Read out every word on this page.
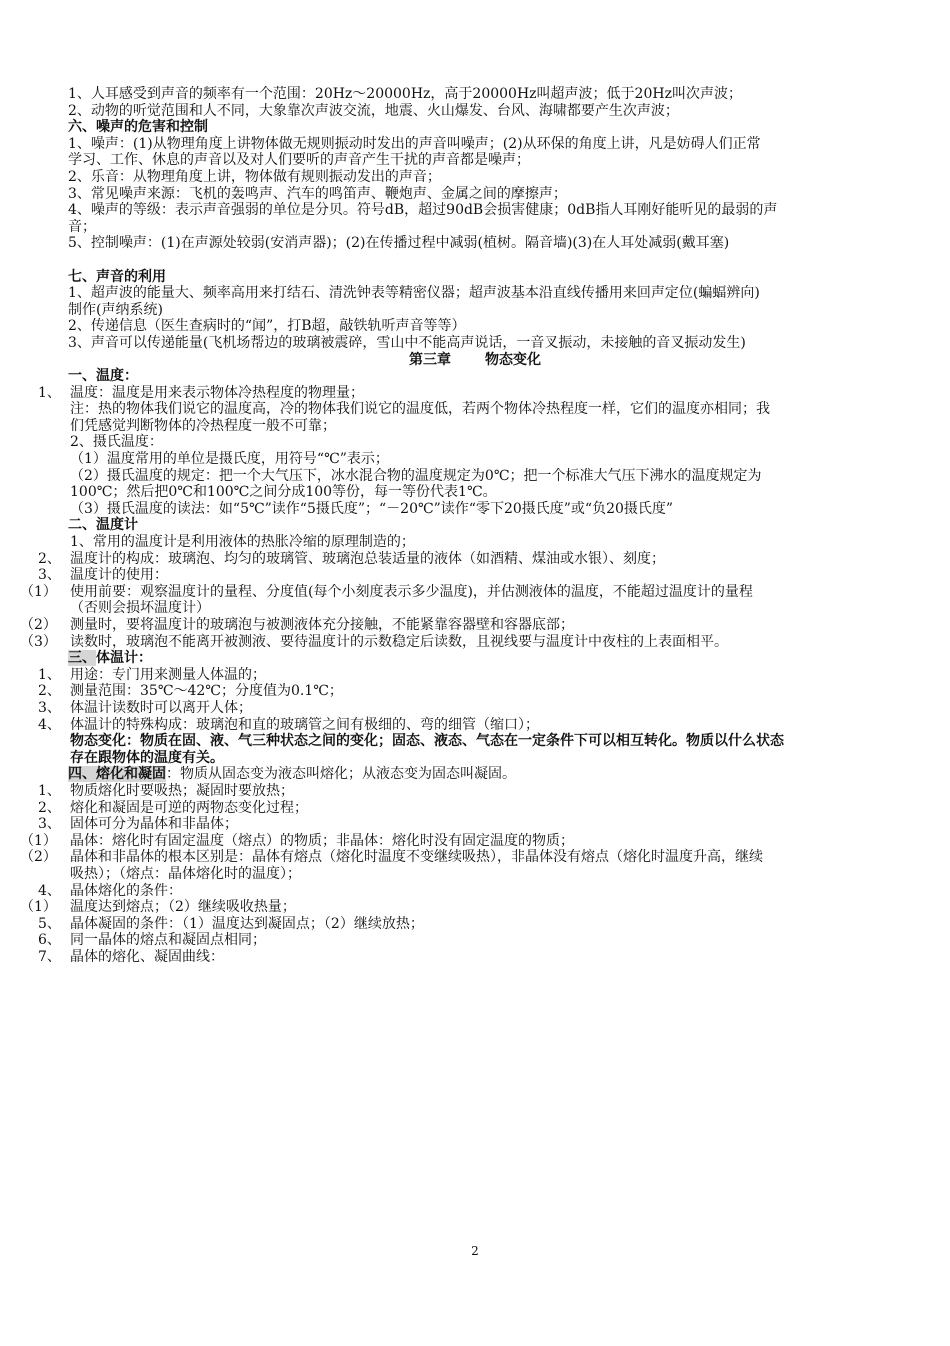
1、人耳感受到声音的频率有一个范围：20Hz～20000Hz，高于20000Hz叫超声波；低于20Hz叫次声波；
2、动物的听觉范围和人不同，大象靠次声波交流，地震、火山爆发、台风、海啸都要产生次声波；
六、噪声的危害和控制
1、噪声：(1)从物理角度上讲物体做无规则振动时发出的声音叫噪声；(2)从环保的角度上讲，凡是妨碍人们正常
学习、工作、休息的声音以及对人们要听的声音产生干扰的声音都是噪声；
2、乐音：从物理角度上讲，物体做有规则振动发出的声音；
3、常见噪声来源：飞机的轰鸣声、汽车的鸣笛声、鞭炮声、金属之间的摩擦声；
4、噪声的等级：表示声音强弱的单位是分贝。符号dB，超过90dB会损害健康；0dB指人耳刚好能听见的最弱的声
音；
5、控制噪声：(1)在声源处较弱(安消声器)；(2)在传播过程中减弱(植树。隔音墙)(3)在人耳处减弱(戴耳塞)
七、声音的利用
1、超声波的能量大、频率高用来打结石、清洗钟表等精密仪器；超声波基本沿直线传播用来回声定位(蝙蝠辨向)
制作(声纳系统)
2、传递信息（医生查病时的“闻”，打B超，敲铁轨听声音等等）
3、声音可以传递能量(飞机场帮边的玻璃被震碎，雪山中不能高声说话，一音叉振动，未接触的音叉振动发生)
第三章 物态变化
一、温度：
1、 温度：温度是用来表示物体冷热程度的物理量；
注：热的物体我们说它的温度高，冷的物体我们说它的温度低，若两个物体冷热程度一样，它们的温度亦相同；我
们凭感觉判断物体的冷热程度一般不可靠；
2、摄氏温度：
（1）温度常用的单位是摄氏度，用符号“℃”表示；
（2）摄氏温度的规定：把一个大气压下，冰水混合物的温度规定为0℃；把一个标准大气压下沸水的温度规定为
100℃；然后把0℃和100℃之间分成100等份，每一等份代表1℃。
（3）摄氏温度的读法：如“5℃”读作“5摄氏度”；“－20℃”读作“零下20摄氏度”或“负20摄氏度”
二、温度计
1、常用的温度计是利用液体的热胀冷缩的原理制造的；
2、 温度计的构成：玻璃泡、均匀的玻璃管、玻璃泡总装适量的液体（如酒精、煤油或水银）、刻度；
3、 温度计的使用：
（1） 使用前要：观察温度计的量程、分度值(每个小刻度表示多少温度)，并估测液体的温度，不能超过温度计的量程
（否则会损坏温度计）
（2） 测量时，要将温度计的玻璃泡与被测液体充分接触，不能紧靠容器壁和容器底部；
（3） 读数时，玻璃泡不能离开被测液、要待温度计的示数稳定后读数，且视线要与温度计中夜柱的上表面相平。
三、体温计：
1、 用途：专门用来测量人体温的；
2、 测量范围：35℃～42℃；分度值为0.1℃；
3、 体温计读数时可以离开人体；
4、 体温计的特殊构成：玻璃泡和直的玻璃管之间有极细的、弯的细管（缩口）；
物态变化：物质在固、液、气三种状态之间的变化；固态、液态、气态在一定条件下可以相互转化。物质以什么状态
存在跟物体的温度有关。
四、熔化和凝固：物质从固态变为液态叫熔化；从液态变为固态叫凝固。
1、 物质熔化时要吸热；凝固时要放热；
2、 熔化和凝固是可逆的两物态变化过程；
3、 固体可分为晶体和非晶体；
（1） 晶体：熔化时有固定温度（熔点）的物质；非晶体：熔化时没有固定温度的物质；
（2） 晶体和非晶体的根本区别是：晶体有熔点（熔化时温度不变继续吸热），非晶体没有熔点（熔化时温度升高，继续
吸热）；（熔点：晶体熔化时的温度）；
4、 晶体熔化的条件：
（1） 温度达到熔点；（2）继续吸收热量；
5、 晶体凝固的条件：（1）温度达到凝固点；（2）继续放热；
6、 同一晶体的熔点和凝固点相同；
7、 晶体的熔化、凝固曲线：
2
